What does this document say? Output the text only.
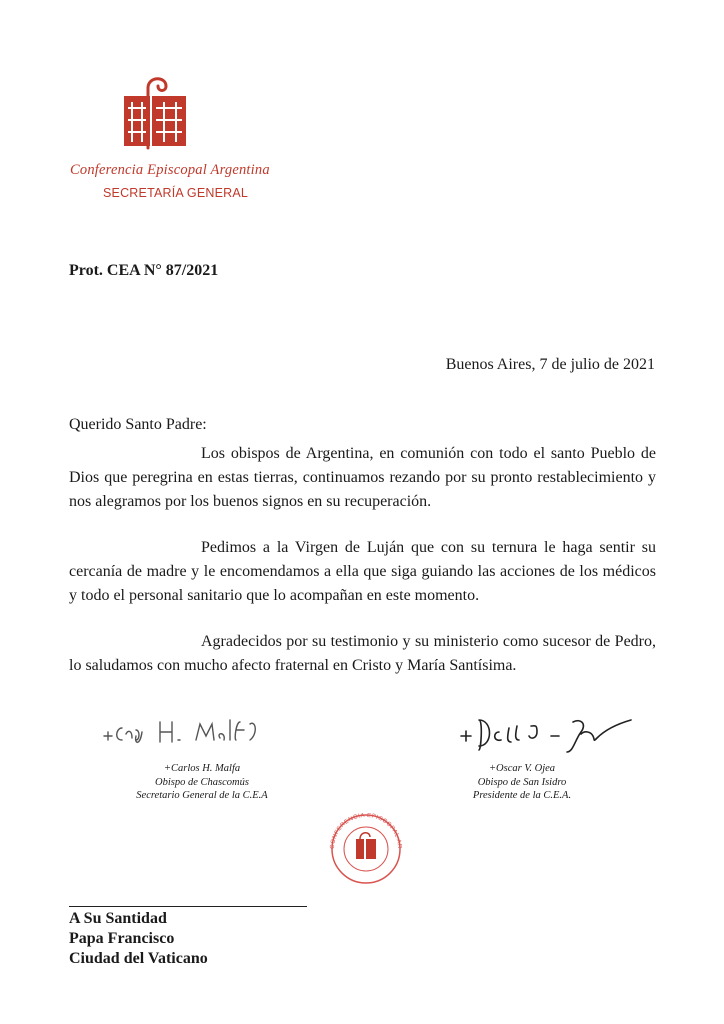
Conferencia Episcopal Argentina
SECRETARÍA GENERAL
Prot. CEA N° 87/2021
Buenos Aires, 7 de julio de 2021
Querido Santo Padre:

Los obispos de Argentina, en comunión con todo el santo Pueblo de Dios que peregrina en estas tierras, continuamos rezando por su pronto restablecimiento y nos alegramos por los buenos signos en su recuperación.

Pedimos a la Virgen de Luján que con su ternura le haga sentir su cercanía de madre y le encomendamos a ella que siga guiando las acciones de los médicos y todo el personal sanitario que lo acompañan en este momento.

Agradecidos por su testimonio y su ministerio como sucesor de Pedro, lo saludamos con mucho afecto fraternal en Cristo y María Santísima.

+Carlos H. Malfa
Obispo de Chascomús
Secretario General de la C.E.A
+Oscar V. Ojea
Obispo de San Isidro
Presidente de la C.E.A.
CONFERENCIA EPISCOPAL AR
A Su Santidad
Papa Francisco
Ciudad del Vaticano
